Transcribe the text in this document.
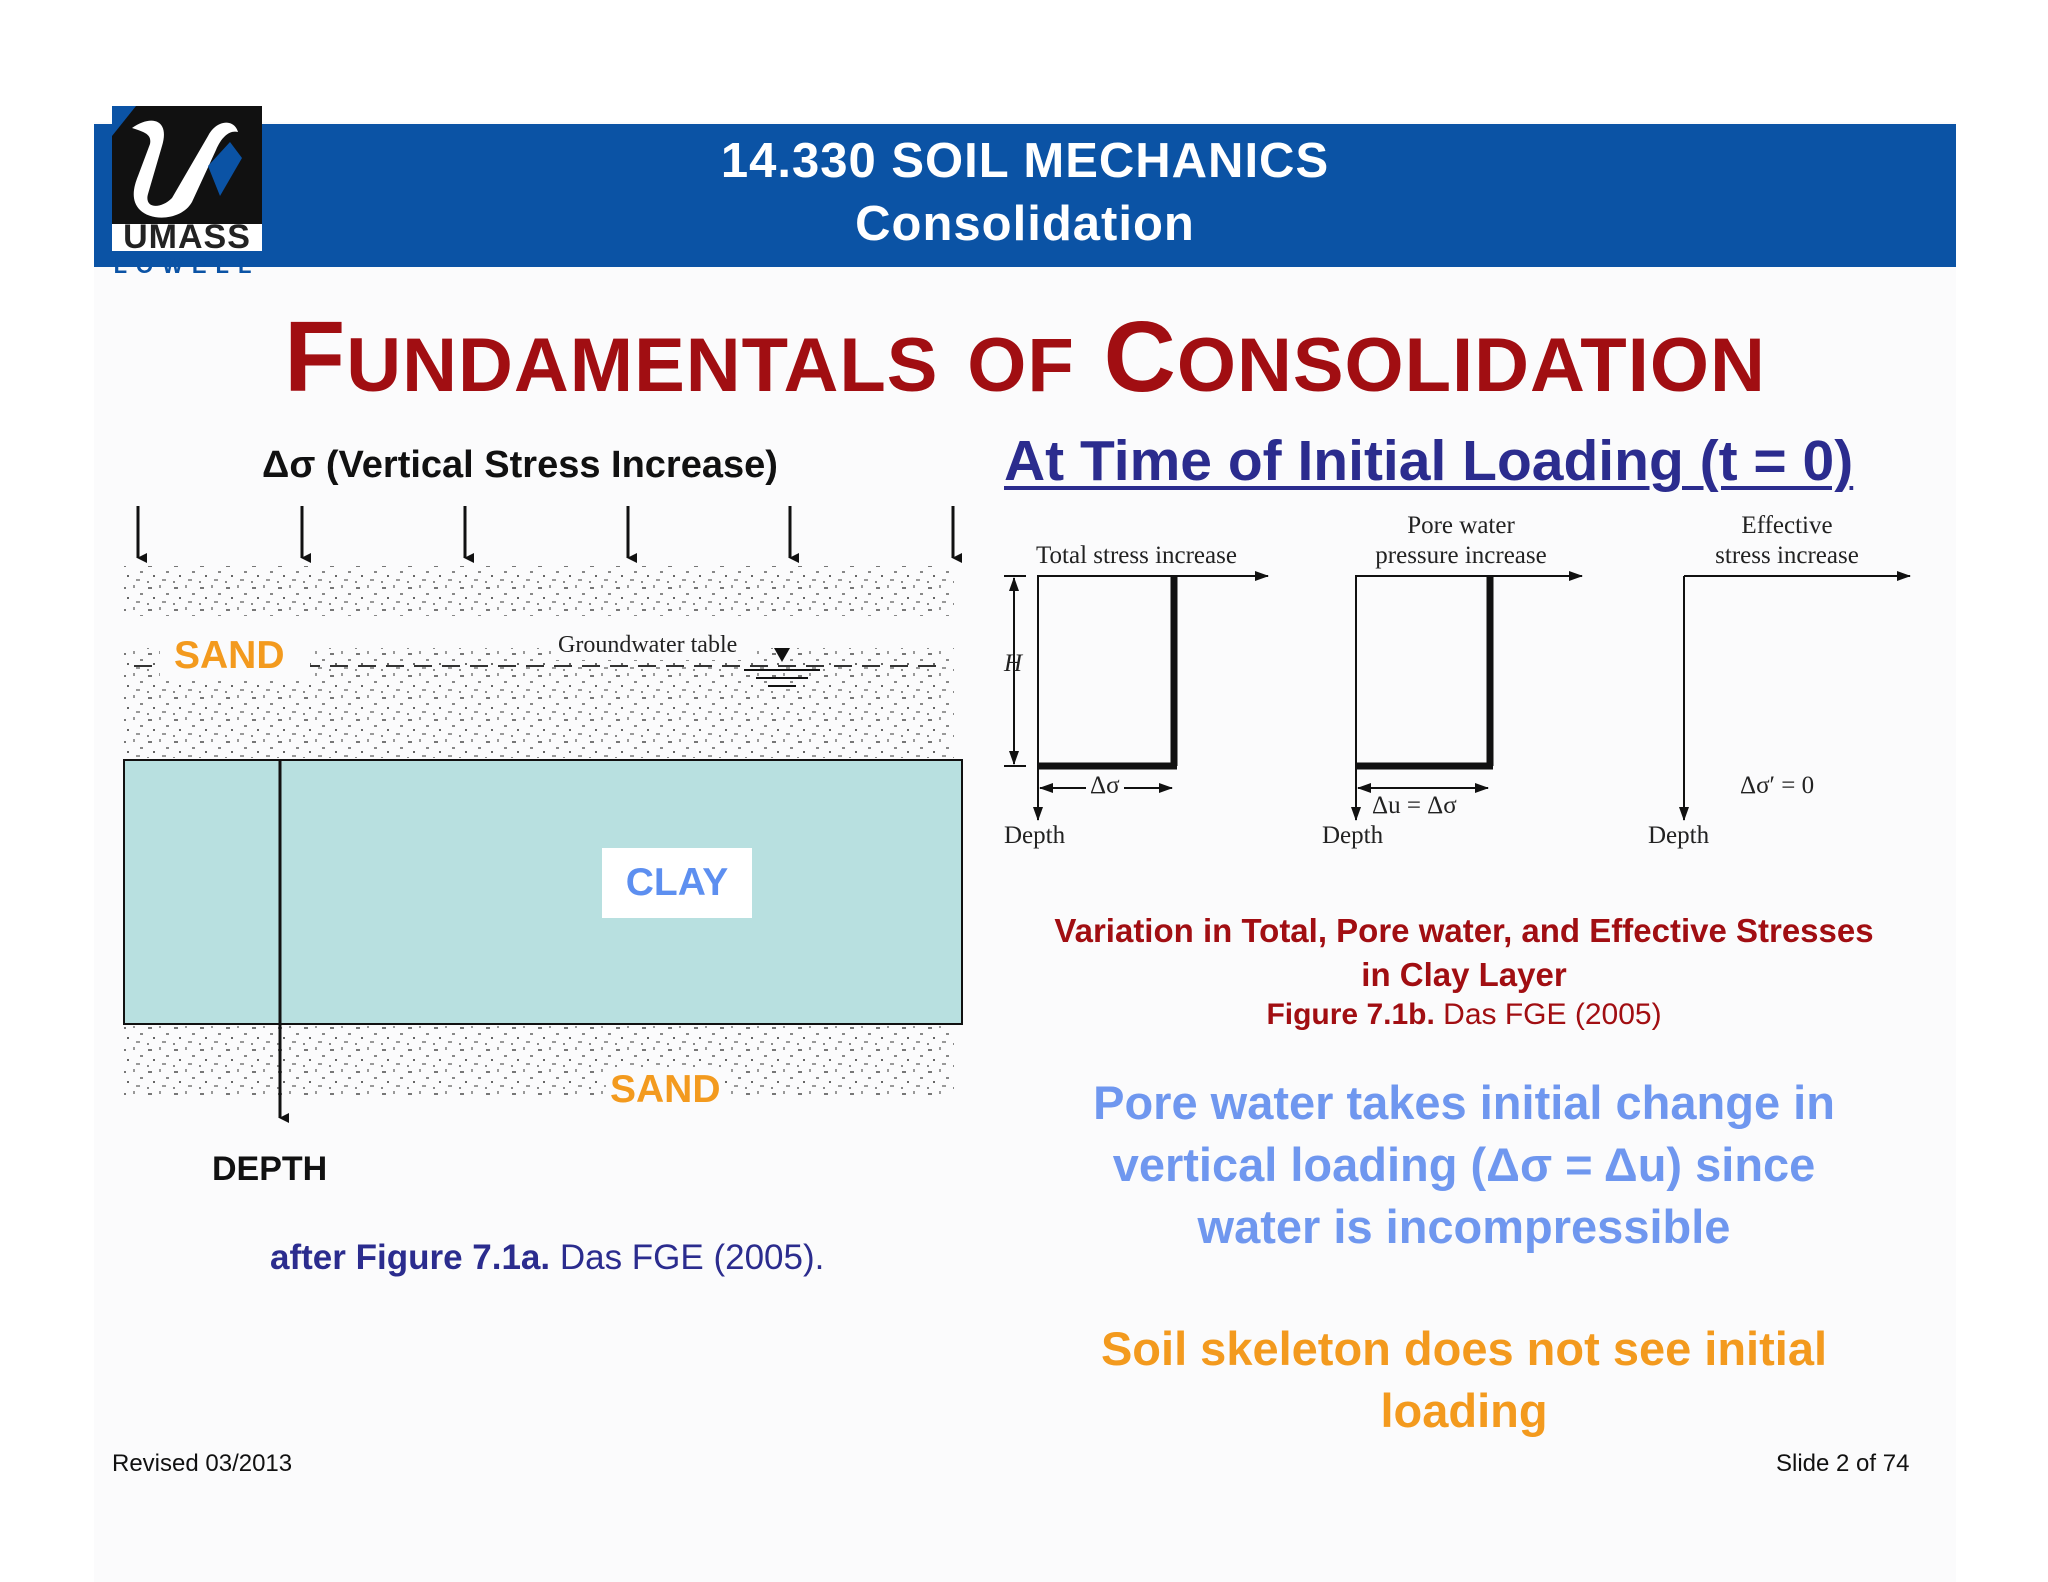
14.330 SOIL MECHANICS
Consolidation
UMASS
LOWELL
FUNDAMENTALS OF CONSOLIDATION
Δσ (Vertical Stress Increase)
SAND	Groundwater table
CLAY
SAND
DEPTH
after Figure 7.1a. Das FGE (2005).
At Time of Initial Loading (t = 0)
Total stress increase
Pore water
pressure increase
Effective
stress increase
H
Δσ
Δu = Δσ
Δσ′ = 0
Depth	Depth	Depth
Variation in Total, Pore water, and Effective Stresses
in Clay Layer
Figure 7.1b. Das FGE (2005)
Pore water takes initial change in
vertical loading (Δσ = Δu) since
water is incompressible
Soil skeleton does not see initial
loading
Revised 03/2013	Slide 2 of 74
